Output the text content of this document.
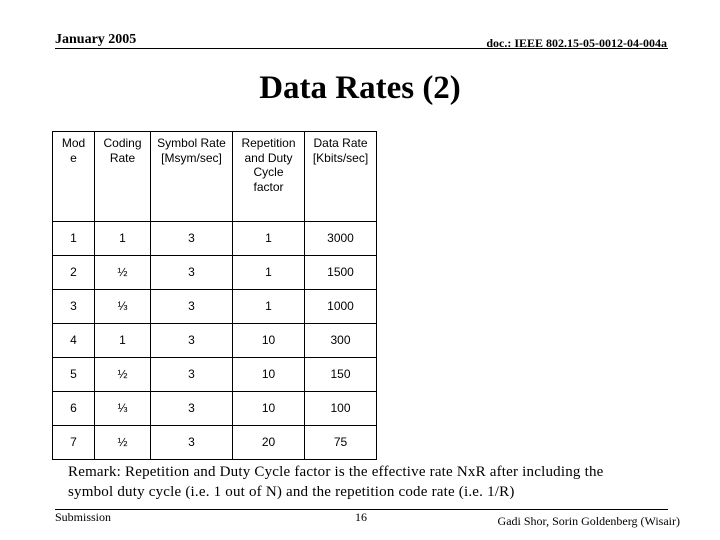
January 2005	doc.: IEEE 802.15-05-0012-04-004a
Data Rates (2)
Mod e	Coding Rate	Symbol Rate [Msym/sec]	Repetition and Duty Cycle factor	Data Rate [Kbits/sec]
1	1	3	1	3000
2	½	3	1	1500
3	⅓	3	1	1000
4	1	3	10	300
5	½	3	10	150
6	⅓	3	10	100
7	½	3	20	75
Remark: Repetition and Duty Cycle factor is the effective rate NxR after including the
symbol duty cycle (i.e. 1 out of N) and the repetition code rate (i.e. 1/R)
Submission	16	Gadi Shor, Sorin Goldenberg (Wisair)
